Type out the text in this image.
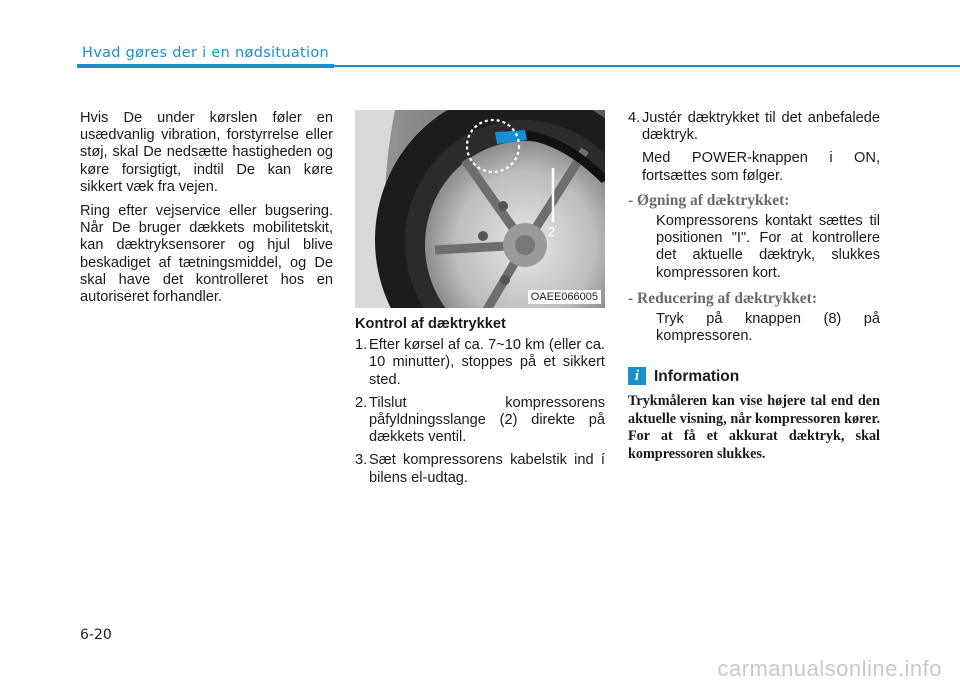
Hvad gøres der i en nødsituation

Hvis De under kørslen føler en usædvanlig vibration, forstyrrelse eller støj, skal De nedsætte hastigheden og køre forsigtigt, indtil De kan køre sikkert væk fra vejen.

Ring efter vejservice eller bugsering. Når De bruger dækkets mobilitetskit, kan dæktryksensorer og hjul blive beskadiget af tætningsmiddel, og De skal have det kontrolleret hos en autoriseret forhandler.

2
OAEE066005

Kontrol af dæktrykket

1. Efter kørsel af ca. 7~10 km (eller ca. 10 minutter), stoppes på et sikkert sted.
2. Tilslut kompressorens påfyldningsslange (2) direkte på dækkets ventil.
3. Sæt kompressorens kabelstik ind í bilens el-udtag.
4. Justér dæktrykket til det anbefalede dæktryk.

Med POWER-knappen i ON, fortsættes som følger.

- Øgning af dæktrykket:

Kompressorens kontakt sættes til positionen "I". For at kontrollere det aktuelle dæktryk, slukkes kompressoren kort.

- Reducering af dæktrykket:

Tryk på knappen (8) på kompressoren.

i Information

Trykmåleren kan vise højere tal end den aktuelle visning, når kompressoren kører. For at få et akkurat dæktryk, skal kompressoren slukkes.

6-20
carmanualsonline.info
